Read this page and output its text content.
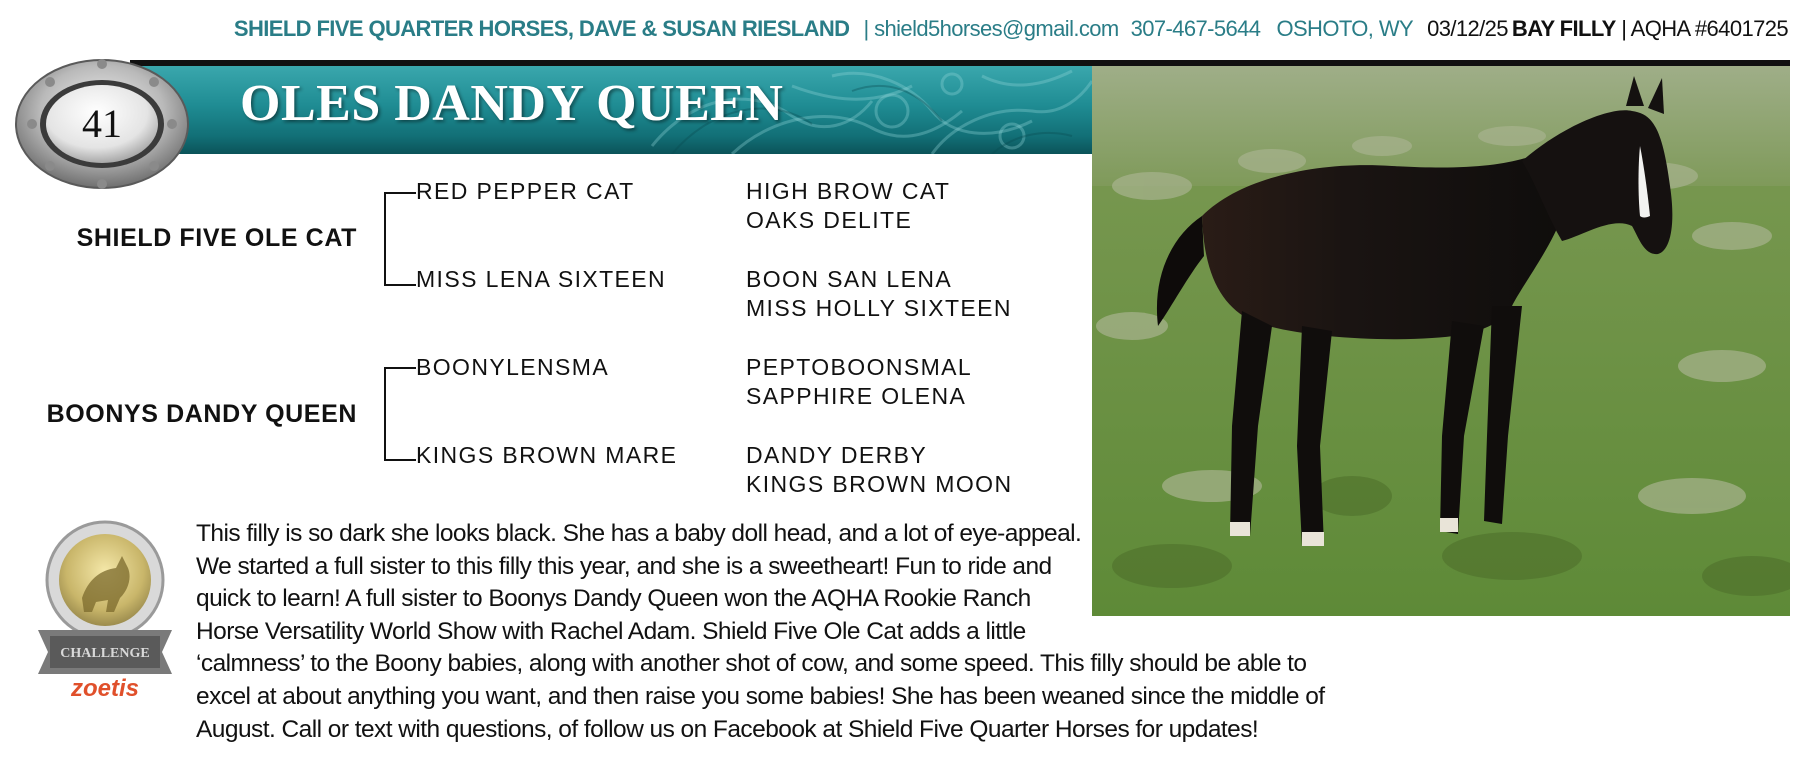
SHIELD FIVE QUARTER HORSES, DAVE & SUSAN RIESLAND | shield5horses@gmail.com 307-467-5644 OSHOTO, WY 03/12/25 BAY FILLY | AQHA #6401725
OLES DANDY QUEEN
41
SHIELD FIVE OLE CAT
BOONYS DANDY QUEEN
RED PEPPER CAT
MISS LENA SIXTEEN
BOONYLENSMA
KINGS BROWN MARE
HIGH BROW CAT
OAKS DELITE
BOON SAN LENA
MISS HOLLY SIXTEEN
PEPTOBOONSMAL
SAPPHIRE OLENA
DANDY DERBY
KINGS BROWN MOON
CHALLENGE
zoetis
This filly is so dark she looks black. She has a baby doll head, and a lot of eye-appeal.
We started a full sister to this filly this year, and she is a sweetheart! Fun to ride and
quick to learn! A full sister to Boonys Dandy Queen won the AQHA Rookie Ranch
Horse Versatility World Show with Rachel Adam. Shield Five Ole Cat adds a little
‘calmness’ to the Boony babies, along with another shot of cow, and some speed. This filly should be able to
excel at about anything you want, and then raise you some babies! She has been weaned since the middle of
August. Call or text with questions, of follow us on Facebook at Shield Five Quarter Horses for updates!
